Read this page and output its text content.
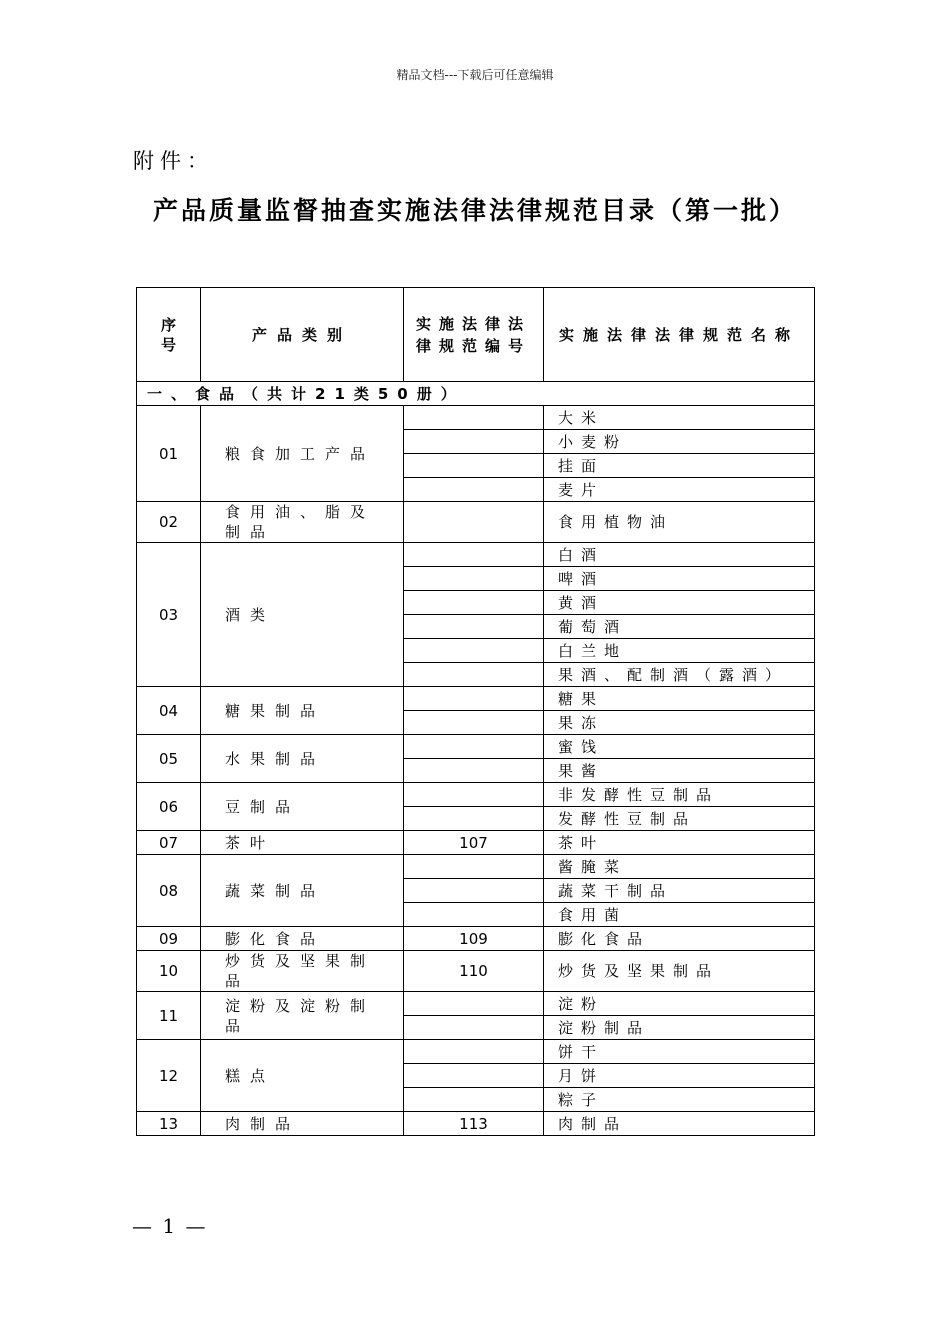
精品文档---下载后可任意编辑
附件：
产品质量监督抽查实施法律法律规范目录（第一批）
序号	产品类别	实施法律法律规范编号	实施法律法律规范名称
一、食品（共计21类50册）			
01	粮食加工产品		大米
			小麦粉
			挂面
			麦片
02	食用油、脂及制品		食用植物油
03	酒类		白酒
			啤酒
			黄酒
			葡萄酒
			白兰地
			果酒、配制酒（露酒）
04	糖果制品		糖果
			果冻
05	水果制品		蜜饯
			果酱
06	豆制品		非发酵性豆制品
			发酵性豆制品
07	茶叶	107	茶叶
08	蔬菜制品		酱腌菜
			蔬菜干制品
			食用菌
09	膨化食品	109	膨化食品
10	炒货及坚果制品	110	炒货及坚果制品
11	淀粉及淀粉制品		淀粉
			淀粉制品
12	糕点		饼干
			月饼
			粽子
13	肉制品	113	肉制品
— 1 —
